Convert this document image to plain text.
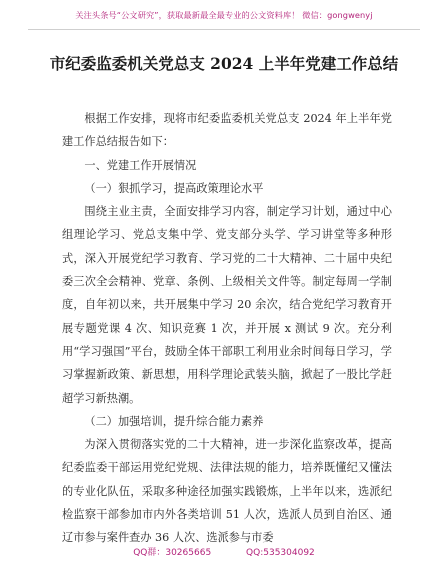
关注头条号“公文研究”，获取最新最全最专业的公文资料库！ 微信：gongwenyj
市纪委监委机关党总支 2024 上半年党建工作总结

根据工作安排，现将市纪委监委机关党总支 2024 年上半年党建工作总结报告如下：

一、党建工作开展情况

（一）狠抓学习，提高政策理论水平

围绕主业主责，全面安排学习内容，制定学习计划，通过中心组理论学习、党总支集中学、党支部分头学、学习讲堂等多种形式，深入开展党纪学习教育、学习党的二十大精神、二十届中央纪委三次全会精神、党章、条例、上级相关文件等。制定每周一学制度，自年初以来，共开展集中学习 20 余次，结合党纪学习教育开展专题党课 4 次、知识竞赛 1 次，并开展 x 测试 9 次。充分利用“学习强国”平台，鼓励全体干部职工利用业余时间每日学习，学习掌握新政策、新思想，用科学理论武装头脑，掀起了一股比学赶超学习新热潮。

（二）加强培训，提升综合能力素养

为深入贯彻落实党的二十大精神，进一步深化监察改革，提高纪委监委干部运用党纪党规、法律法规的能力，培养既懂纪又懂法的专业化队伍，采取多种途径加强实践锻炼，上半年以来，选派纪检监察干部参加市内外各类培训 51 人次，选派人员到自治区、通辽市参与案件查办 36 人次、选派参与市委

QQ群：30265665	QQ:535304092
